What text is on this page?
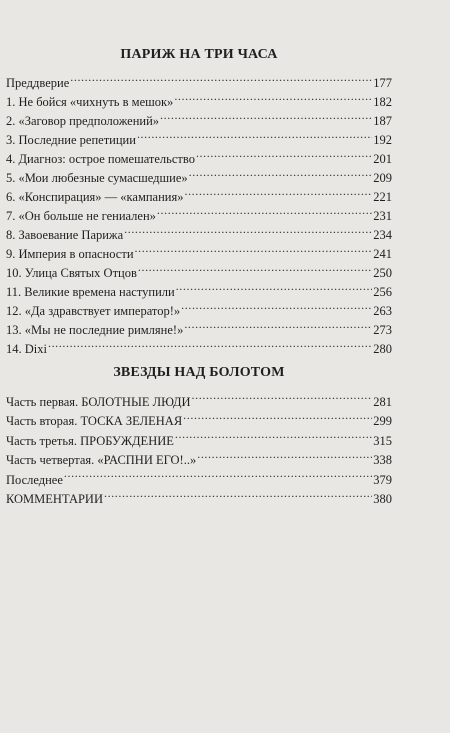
ПАРИЖ НА ТРИ ЧАСА
Преддверие .....	177
1. Не бойся «чихнуть в мешок» .....	182
2. «Заговор предположений» .....	187
3. Последние репетиции .....	192
4. Диагноз: острое помешательство .....	201
5. «Мои любезные сумасшедшие» .....	209
6. «Конспирация» — «кампания» .....	221
7. «Он больше не гениален» .....	231
8. Завоевание Парижа .....	234
9. Империя в опасности .....	241
10. Улица Святых Отцов .....	250
11. Великие времена наступили .....	256
12. «Да здравствует император!» .....	263
13. «Мы не последние римляне!» .....	273
14. Dixi .....	280
ЗВЕЗДЫ НАД БОЛОТОМ
Часть первая. БОЛОТНЫЕ ЛЮДИ .....	281
Часть вторая. ТОСКА ЗЕЛЕНАЯ .....	299
Часть третья. ПРОБУЖДЕНИЕ .....	315
Часть четвертая. «РАСПНИ ЕГО!..» .....	338
Последнее .....	379
КОММЕНТАРИИ .....	380
